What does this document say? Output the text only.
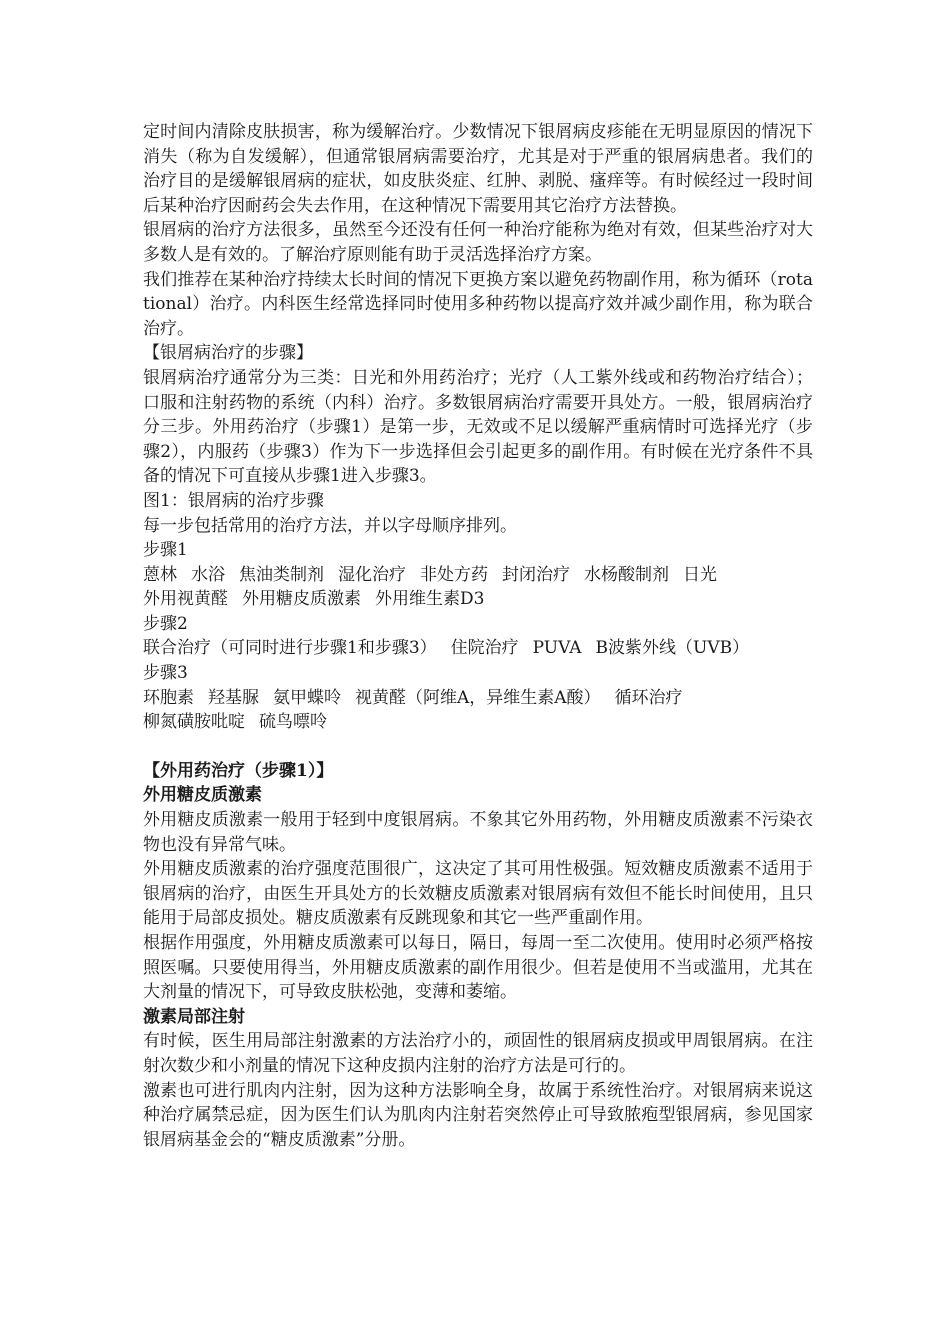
定时间内清除皮肤损害，称为缓解治疗。少数情况下银屑病皮疹能在无明显原因的情况下消失（称为自发缓解），但通常银屑病需要治疗，尤其是对于严重的银屑病患者。我们的治疗目的是缓解银屑病的症状，如皮肤炎症、红肿、剥脱、瘙痒等。有时候经过一段时间后某种治疗因耐药会失去作用，在这种情况下需要用其它治疗方法替换。

银屑病的治疗方法很多，虽然至今还没有任何一种治疗能称为绝对有效，但某些治疗对大多数人是有效的。了解治疗原则能有助于灵活选择治疗方案。

我们推荐在某种治疗持续太长时间的情况下更换方案以避免药物副作用，称为循环（rotational）治疗。内科医生经常选择同时使用多种药物以提高疗效并减少副作用，称为联合治疗。

【银屑病治疗的步骤】

银屑病治疗通常分为三类：日光和外用药治疗；光疗（人工紫外线或和药物治疗结合）；口服和注射药物的系统（内科）治疗。多数银屑病治疗需要开具处方。一般，银屑病治疗分三步。外用药治疗（步骤1）是第一步，无效或不足以缓解严重病情时可选择光疗（步骤2），内服药（步骤3）作为下一步选择但会引起更多的副作用。有时候在光疗条件不具备的情况下可直接从步骤1进入步骤3。

图1：银屑病的治疗步骤

每一步包括常用的治疗方法，并以字母顺序排列。

步骤1

蒽林 水浴 焦油类制剂 湿化治疗 非处方药 封闭治疗 水杨酸制剂 日光

外用视黄醛 外用糖皮质激素 外用维生素D3

步骤2

联合治疗（可同时进行步骤1和步骤3） 住院治疗 PUVA B波紫外线（UVB）

步骤3

环胞素 羟基脲 氨甲蝶呤 视黄醛（阿维A，异维生素A酸） 循环治疗

柳氮磺胺吡啶 硫鸟嘌呤

【外用药治疗（步骤1）】

外用糖皮质激素

外用糖皮质激素一般用于轻到中度银屑病。不象其它外用药物，外用糖皮质激素不污染衣物也没有异常气味。

外用糖皮质激素的治疗强度范围很广，这决定了其可用性极强。短效糖皮质激素不适用于银屑病的治疗，由医生开具处方的长效糖皮质激素对银屑病有效但不能长时间使用，且只能用于局部皮损处。糖皮质激素有反跳现象和其它一些严重副作用。

根据作用强度，外用糖皮质激素可以每日，隔日，每周一至二次使用。使用时必须严格按照医嘱。只要使用得当，外用糖皮质激素的副作用很少。但若是使用不当或滥用，尤其在大剂量的情况下，可导致皮肤松弛，变薄和萎缩。

激素局部注射

有时候，医生用局部注射激素的方法治疗小的，顽固性的银屑病皮损或甲周银屑病。在注射次数少和小剂量的情况下这种皮损内注射的治疗方法是可行的。

激素也可进行肌肉内注射，因为这种方法影响全身，故属于系统性治疗。对银屑病来说这种治疗属禁忌症，因为医生们认为肌肉内注射若突然停止可导致脓疱型银屑病，参见国家银屑病基金会的“糖皮质激素”分册。
